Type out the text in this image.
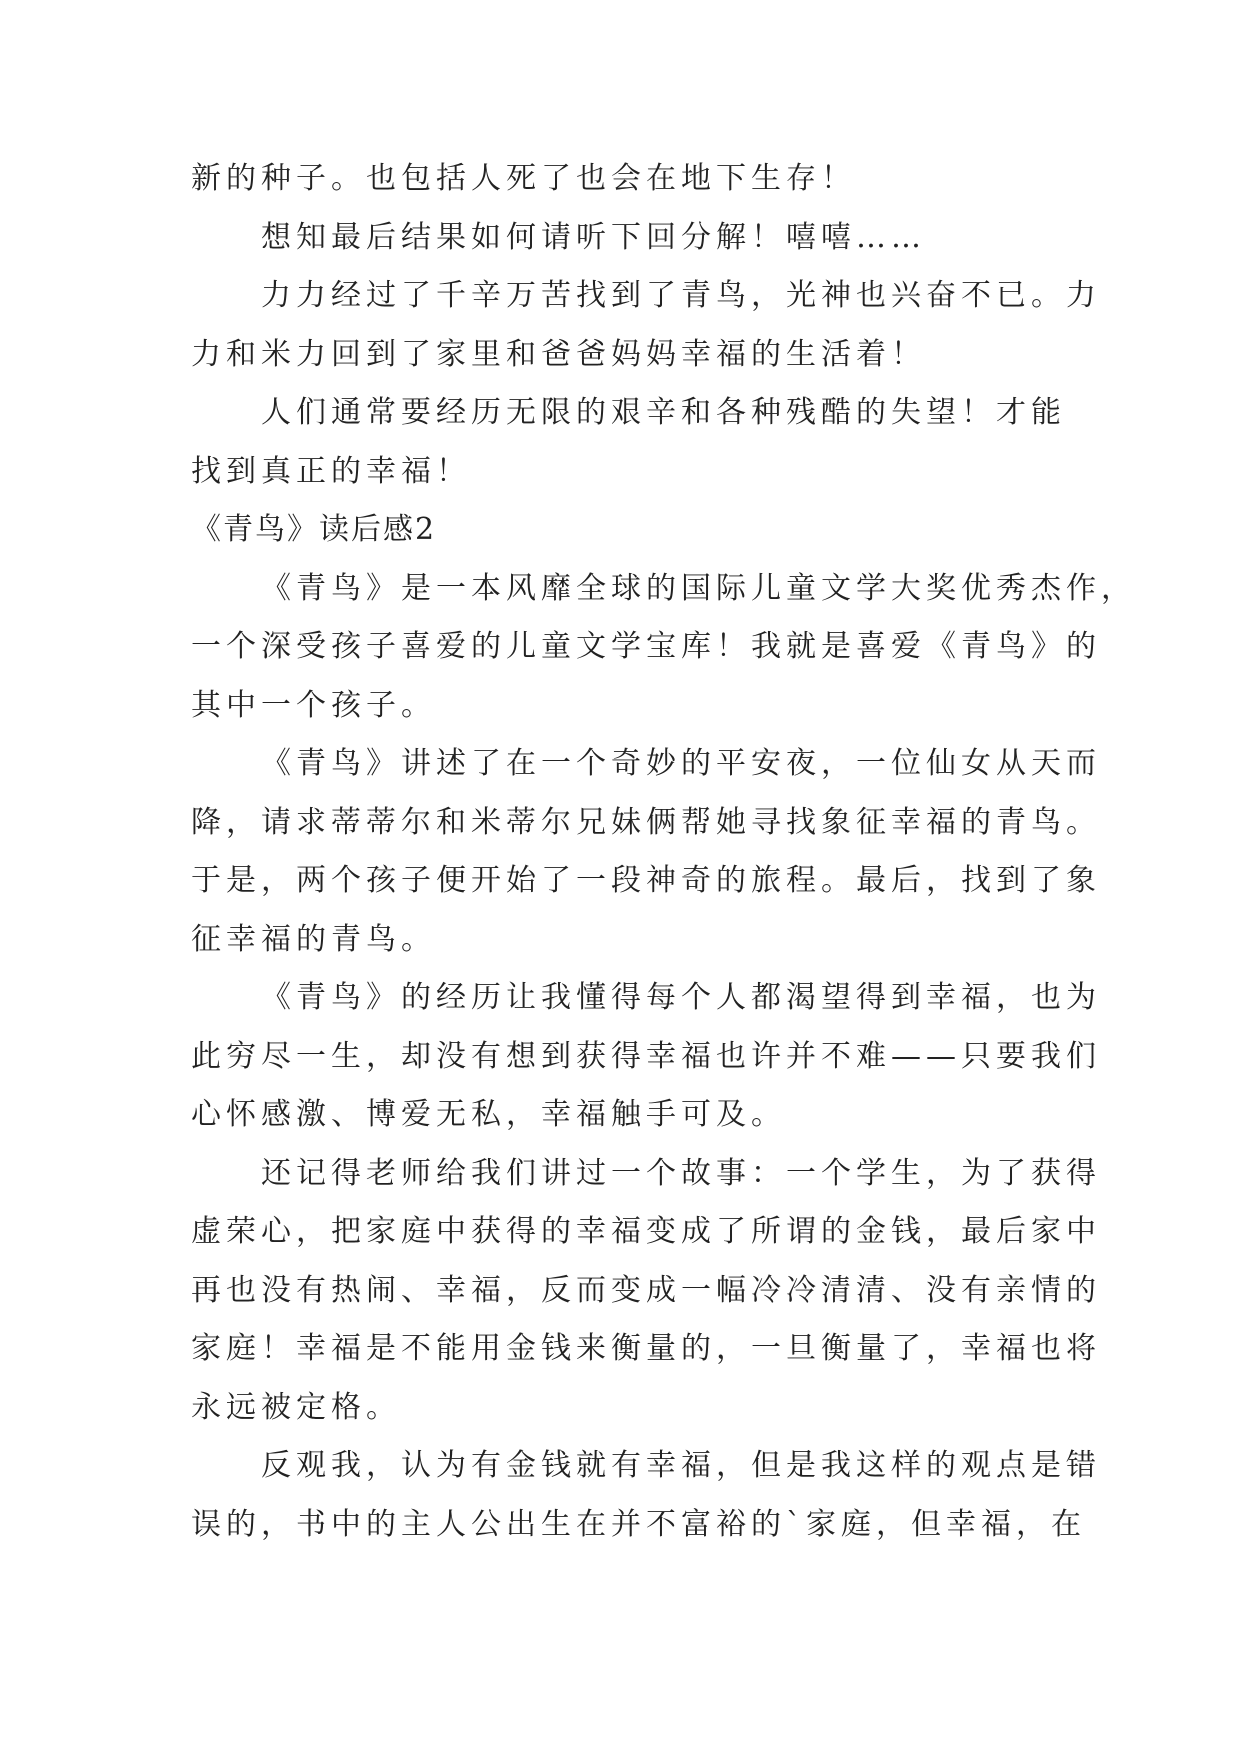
新的种子。也包括人死了也会在地下生存！
想知最后结果如何请听下回分解！嘻嘻……
力力经过了千辛万苦找到了青鸟，光神也兴奋不已。力
力和米力回到了家里和爸爸妈妈幸福的生活着！
人们通常要经历无限的艰辛和各种残酷的失望！才能
找到真正的幸福！
《青鸟》读后感2
《青鸟》是一本风靡全球的国际儿童文学大奖优秀杰作，
一个深受孩子喜爱的儿童文学宝库！我就是喜爱《青鸟》的
其中一个孩子。
《青鸟》讲述了在一个奇妙的平安夜，一位仙女从天而
降，请求蒂蒂尔和米蒂尔兄妹俩帮她寻找象征幸福的青鸟。
于是，两个孩子便开始了一段神奇的旅程。最后，找到了象
征幸福的青鸟。
《青鸟》的经历让我懂得每个人都渴望得到幸福，也为
此穷尽一生，却没有想到获得幸福也许并不难——只要我们
心怀感激、博爱无私，幸福触手可及。
还记得老师给我们讲过一个故事：一个学生，为了获得
虚荣心，把家庭中获得的幸福变成了所谓的金钱，最后家中
再也没有热闹、幸福，反而变成一幅冷冷清清、没有亲情的
家庭！幸福是不能用金钱来衡量的，一旦衡量了，幸福也将
永远被定格。
反观我，认为有金钱就有幸福，但是我这样的观点是错
误的，书中的主人公出生在并不富裕的`家庭，但幸福，在
